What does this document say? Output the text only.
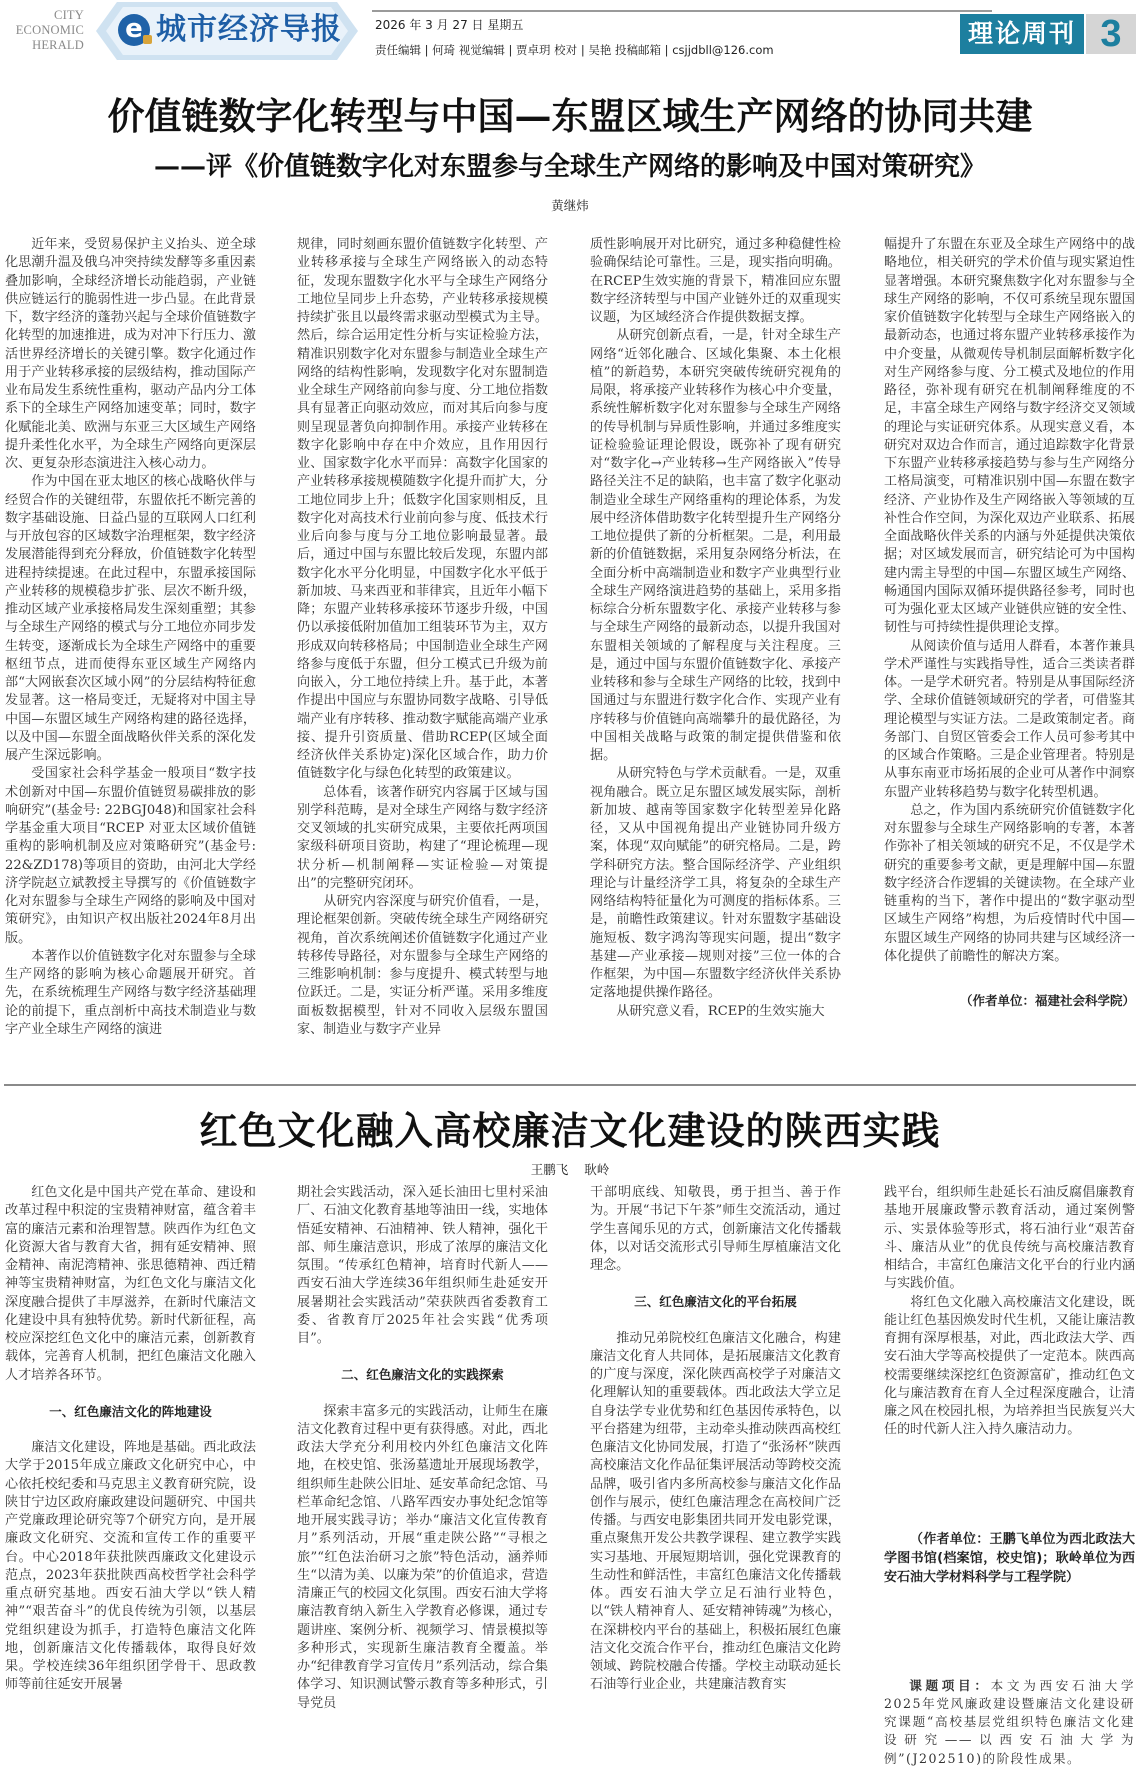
CITY
ECONOMIC
HERALD
e 城市经济导报	2026 年 3 月 27 日 星期五
责任编辑 | 何琦 视觉编辑 | 贾卓玥 校对 | 吴艳 投稿邮箱 | csjjdbll@126.com
理论周刊 3
价值链数字化转型与中国—东盟区域生产网络的协同共建
——评《价值链数字化对东盟参与全球生产网络的影响及中国对策研究》
黄继炜

近年来，受贸易保护主义抬头、逆全球化思潮升温及俄乌冲突持续发酵等多重因素叠加影响，全球经济增长动能趋弱，产业链供应链运行的脆弱性进一步凸显。在此背景下，数字经济的蓬勃兴起与全球价值链数字化转型的加速推进，成为对冲下行压力、激活世界经济增长的关键引擎。数字化通过作用于产业转移承接的层级结构，推动国际产业布局发生系统性重构，驱动产品内分工体系下的全球生产网络加速变革；同时，数字化赋能北美、欧洲与东亚三大区域生产网络提升柔性化水平，为全球生产网络向更深层次、更复杂形态演进注入核心动力。

作为中国在亚太地区的核心战略伙伴与经贸合作的关键纽带，东盟依托不断完善的数字基础设施、日益凸显的互联网人口红利与开放包容的区域数字治理框架，数字经济发展潜能得到充分释放，价值链数字化转型进程持续提速。在此过程中，东盟承接国际产业转移的规模稳步扩张、层次不断升级，推动区域产业承接格局发生深刻重塑；其参与全球生产网络的模式与分工地位亦同步发生转变，逐渐成长为全球生产网络中的重要枢纽节点，进而使得东亚区域生产网络内部“大网嵌套次区域小网”的分层结构特征愈发显著。这一格局变迁，无疑将对中国主导中国—东盟区域生产网络构建的路径选择，以及中国—东盟全面战略伙伴关系的深化发展产生深远影响。

受国家社会科学基金一般项目“数字技术创新对中国—东盟价值链贸易碳排放的影响研究”(基金号: 22BGJ048)和国家社会科学基金重大项目“RCEP 对亚太区域价值链重构的影响机制及应对策略研究”(基金号: 22&ZD178)等项目的资助，由河北大学经济学院赵立斌教授主导撰写的《价值链数字化对东盟参与全球生产网络的影响及中国对策研究》，由知识产权出版社2024年8月出版。

本著作以价值链数字化对东盟参与全球生产网络的影响为核心命题展开研究。首先，在系统梳理生产网络与数字经济基础理论的前提下，重点剖析中高技术制造业与数字产业全球生产网络的演进

规律，同时刻画东盟价值链数字化转型、产业转移承接与全球生产网络嵌入的动态特征，发现东盟数字化水平与全球生产网络分工地位呈同步上升态势，产业转移承接规模持续扩张且以最终需求驱动型模式为主导。然后，综合运用定性分析与实证检验方法，精准识别数字化对东盟参与制造业全球生产网络的结构性影响，发现数字化对东盟制造业全球生产网络前向参与度、分工地位指数具有显著正向驱动效应，而对其后向参与度则呈现显著负向抑制作用。承接产业转移在数字化影响中存在中介效应，且作用因行业、国家数字化水平而异：高数字化国家的产业转移承接规模随数字化提升而扩大，分工地位同步上升；低数字化国家则相反，且数字化对高技术行业前向参与度、低技术行业后向参与度与分工地位影响最显著。最后，通过中国与东盟比较后发现，东盟内部数字化水平分化明显，中国数字化水平低于新加坡、马来西亚和菲律宾，且近年小幅下降；东盟产业转移承接环节逐步升级，中国仍以承接低附加值加工组装环节为主，双方形成双向转移格局；中国制造业全球生产网络参与度低于东盟，但分工模式已升级为前向嵌入，分工地位持续上升。基于此，本著作提出中国应与东盟协同数字战略、引导低端产业有序转移、推动数字赋能高端产业承接、提升引资质量、借助RCEP(区域全面经济伙伴关系协定)深化区域合作，助力价值链数字化与绿色化转型的政策建议。

总体看，该著作研究内容属于区域与国别学科范畴，是对全球生产网络与数字经济交叉领域的扎实研究成果，主要依托两项国家级科研项目资助，构建了“理论梳理—现状分析—机制阐释—实证检验—对策提出”的完整研究闭环。

从研究内容深度与研究价值看，一是，理论框架创新。突破传统全球生产网络研究视角，首次系统阐述价值链数字化通过产业转移传导路径，对东盟参与全球生产网络的三维影响机制：参与度提升、模式转型与地位跃迁。二是，实证分析严谨。采用多维度面板数据模型，针对不同收入层级东盟国家、制造业与数字产业异

质性影响展开对比研究，通过多种稳健性检验确保结论可靠性。三是，现实指向明确。在RCEP生效实施的背景下，精准回应东盟数字经济转型与中国产业链外迁的双重现实议题，为区域经济合作提供数据支撑。

从研究创新点看，一是，针对全球生产网络“近邻化融合、区域化集聚、本土化根植”的新趋势，本研究突破传统研究视角的局限，将承接产业转移作为核心中介变量，系统性解析数字化对东盟参与全球生产网络的传导机制与异质性影响，并通过多维度实证检验验证理论假设，既弥补了现有研究对“数字化→产业转移→生产网络嵌入”传导路径关注不足的缺陷，也丰富了数字化驱动制造业全球生产网络重构的理论体系，为发展中经济体借助数字化转型提升生产网络分工地位提供了新的分析框架。二是，利用最新的价值链数据，采用复杂网络分析法，在全面分析中高端制造业和数字产业典型行业全球生产网络演进趋势的基础上，采用多指标综合分析东盟数字化、承接产业转移与参与全球生产网络的最新动态，以提升我国对东盟相关领域的了解程度与关注程度。三是，通过中国与东盟价值链数字化、承接产业转移和参与全球生产网络的比较，找到中国通过与东盟进行数字化合作、实现产业有序转移与价值链向高端攀升的最优路径，为中国相关战略与政策的制定提供借鉴和依据。

从研究特色与学术贡献看。一是，双重视角融合。既立足东盟区域发展实际，剖析新加坡、越南等国家数字化转型差异化路径，又从中国视角提出产业链协同升级方案，体现“双向赋能”的研究格局。二是，跨学科研究方法。整合国际经济学、产业组织理论与计量经济学工具，将复杂的全球生产网络结构特征量化为可测度的指标体系。三是，前瞻性政策建议。针对东盟数字基础设施短板、数字鸿沟等现实问题，提出“数字基建—产业承接—规则对接”三位一体的合作框架，为中国—东盟数字经济伙伴关系协定落地提供操作路径。

从研究意义看，RCEP的生效实施大

幅提升了东盟在东亚及全球生产网络中的战略地位，相关研究的学术价值与现实紧迫性显著增强。本研究聚焦数字化对东盟参与全球生产网络的影响，不仅可系统呈现东盟国家价值链数字化转型与全球生产网络嵌入的最新动态，也通过将东盟产业转移承接作为中介变量，从微观传导机制层面解析数字化对生产网络参与度、分工模式及地位的作用路径，弥补现有研究在机制阐释维度的不足，丰富全球生产网络与数字经济交叉领域的理论与实证研究体系。从现实意义看，本研究对双边合作而言，通过追踪数字化背景下东盟产业转移承接趋势与参与生产网络分工格局演变，可精准识别中国—东盟在数字经济、产业协作及生产网络嵌入等领域的互补性合作空间，为深化双边产业联系、拓展全面战略伙伴关系的内涵与外延提供决策依据；对区域发展而言，研究结论可为中国构建内需主导型的中国—东盟区域生产网络、畅通国内国际双循环提供路径参考，同时也可为强化亚太区域产业链供应链的安全性、韧性与可持续性提供理论支撑。

从阅读价值与适用人群看，本著作兼具学术严谨性与实践指导性，适合三类读者群体。一是学术研究者。特别是从事国际经济学、全球价值链领域研究的学者，可借鉴其理论模型与实证方法。二是政策制定者。商务部门、自贸区管委会工作人员可参考其中的区域合作策略。三是企业管理者。特别是从事东南亚市场拓展的企业可从著作中洞察东盟产业转移趋势与数字化转型机遇。

总之，作为国内系统研究价值链数字化对东盟参与全球生产网络影响的专著，本著作弥补了相关领域的研究不足，不仅是学术研究的重要参考文献，更是理解中国—东盟数字经济合作逻辑的关键读物。在全球产业链重构的当下，著作中提出的“数字驱动型区域生产网络”构想，为后疫情时代中国—东盟区域生产网络的协同共建与区域经济一体化提供了前瞻性的解决方案。

（作者单位：福建社会科学院）

红色文化融入高校廉洁文化建设的陕西实践
王鹏飞 耿岭

红色文化是中国共产党在革命、建设和改革过程中积淀的宝贵精神财富，蕴含着丰富的廉洁元素和治理智慧。陕西作为红色文化资源大省与教育大省，拥有延安精神、照金精神、南泥湾精神、张思德精神、西迁精神等宝贵精神财富，为红色文化与廉洁文化深度融合提供了丰厚滋养，在新时代廉洁文化建设中具有独特优势。新时代新征程，高校应深挖红色文化中的廉洁元素，创新教育载体，完善育人机制，把红色廉洁文化融入人才培养各环节。

一、红色廉洁文化的阵地建设

廉洁文化建设，阵地是基础。西北政法大学于2015年成立廉政文化研究中心，中心依托校纪委和马克思主义教育研究院，设陕甘宁边区政府廉政建设问题研究、中国共产党廉政理论研究等7个研究方向，是开展廉政文化研究、交流和宣传工作的重要平台。中心2018年获批陕西廉政文化建设示范点，2023年获批陕西高校哲学社会科学重点研究基地。西安石油大学以“铁人精神”“艰苦奋斗”的优良传统为引领，以基层党组织建设为抓手，打造特色廉洁文化阵地，创新廉洁文化传播载体，取得良好效果。学校连续36年组织团学骨干、思政教师等前往延安开展暑

期社会实践活动，深入延长油田七里村采油厂、石油文化教育基地等油田一线，实地体悟延安精神、石油精神、铁人精神，强化干部、师生廉洁意识，形成了浓厚的廉洁文化氛围。“传承红色精神，培育时代新人——西安石油大学连续36年组织师生赴延安开展暑期社会实践活动”荣获陕西省委教育工委、省教育厅2025年社会实践“优秀项目”。

二、红色廉洁文化的实践探索

探索丰富多元的实践活动，让师生在廉洁文化教育过程中更有获得感。对此，西北政法大学充分利用校内外红色廉洁文化阵地，在校史馆、张汤墓遗址开展现场教学，组织师生赴陕公旧址、延安革命纪念馆、马栏革命纪念馆、八路军西安办事处纪念馆等地开展实践寻访；举办“廉洁文化宣传教育月”系列活动，开展“重走陕公路”“寻根之旅”“红色法治研习之旅”特色活动，涵养师生“以清为美、以廉为荣”的价值追求，营造清廉正气的校园文化氛围。西安石油大学将廉洁教育纳入新生入学教育必修课，通过专题讲座、案例分析、视频学习、情景模拟等多种形式，实现新生廉洁教育全覆盖。举办“纪律教育学习宣传月”系列活动，综合集体学习、知识测试警示教育等多种形式，引导党员

干部明底线、知敬畏，勇于担当、善于作为。开展“书记下午茶”师生交流活动，通过学生喜闻乐见的方式，创新廉洁文化传播载体，以对话交流形式引导师生厚植廉洁文化理念。

三、红色廉洁文化的平台拓展

推动兄弟院校红色廉洁文化融合，构建廉洁文化育人共同体，是拓展廉洁文化教育的广度与深度，深化陕西高校学子对廉洁文化理解认知的重要载体。西北政法大学立足自身法学专业优势和红色基因传承特色，以平台搭建为纽带，主动牵头推动陕西高校红色廉洁文化协同发展，打造了“张汤杯”陕西高校廉洁文化作品征集评展活动等跨校交流品牌，吸引省内多所高校参与廉洁文化作品创作与展示，使红色廉洁理念在高校间广泛传播。与西安电影集团共同开发电影党课，重点聚焦开发公共教学课程、建立教学实践实习基地、开展短期培训，强化党课教育的生动性和鲜活性，丰富红色廉洁文化传播载体。西安石油大学立足石油行业特色，以“铁人精神育人、延安精神铸魂”为核心，在深耕校内平台的基础上，积极拓展红色廉洁文化交流合作平台，推动红色廉洁文化跨领域、跨院校融合传播。学校主动联动延长石油等行业企业，共建廉洁教育实

践平台，组织师生赴延长石油反腐倡廉教育基地开展廉政警示教育活动，通过案例警示、实景体验等形式，将石油行业“艰苦奋斗、廉洁从业”的优良传统与高校廉洁教育相结合，丰富红色廉洁文化平台的行业内涵与实践价值。

将红色文化融入高校廉洁文化建设，既能让红色基因焕发时代生机，又能让廉洁教育拥有深厚根基，对此，西北政法大学、西安石油大学等高校提供了一定范本。陕西高校需要继续深挖红色资源富矿，推动红色文化与廉洁教育在育人全过程深度融合，让清廉之风在校园扎根，为培养担当民族复兴大任的时代新人注入持久廉洁动力。

（作者单位：王鹏飞单位为西北政法大学图书馆(档案馆，校史馆)；耿岭单位为西安石油大学材料科学与工程学院）

课题项目：本文为西安石油大学2025年党风廉政建设暨廉洁文化建设研究课题“高校基层党组织特色廉洁文化建设研究——以西安石油大学为例”(J202510)的阶段性成果。
